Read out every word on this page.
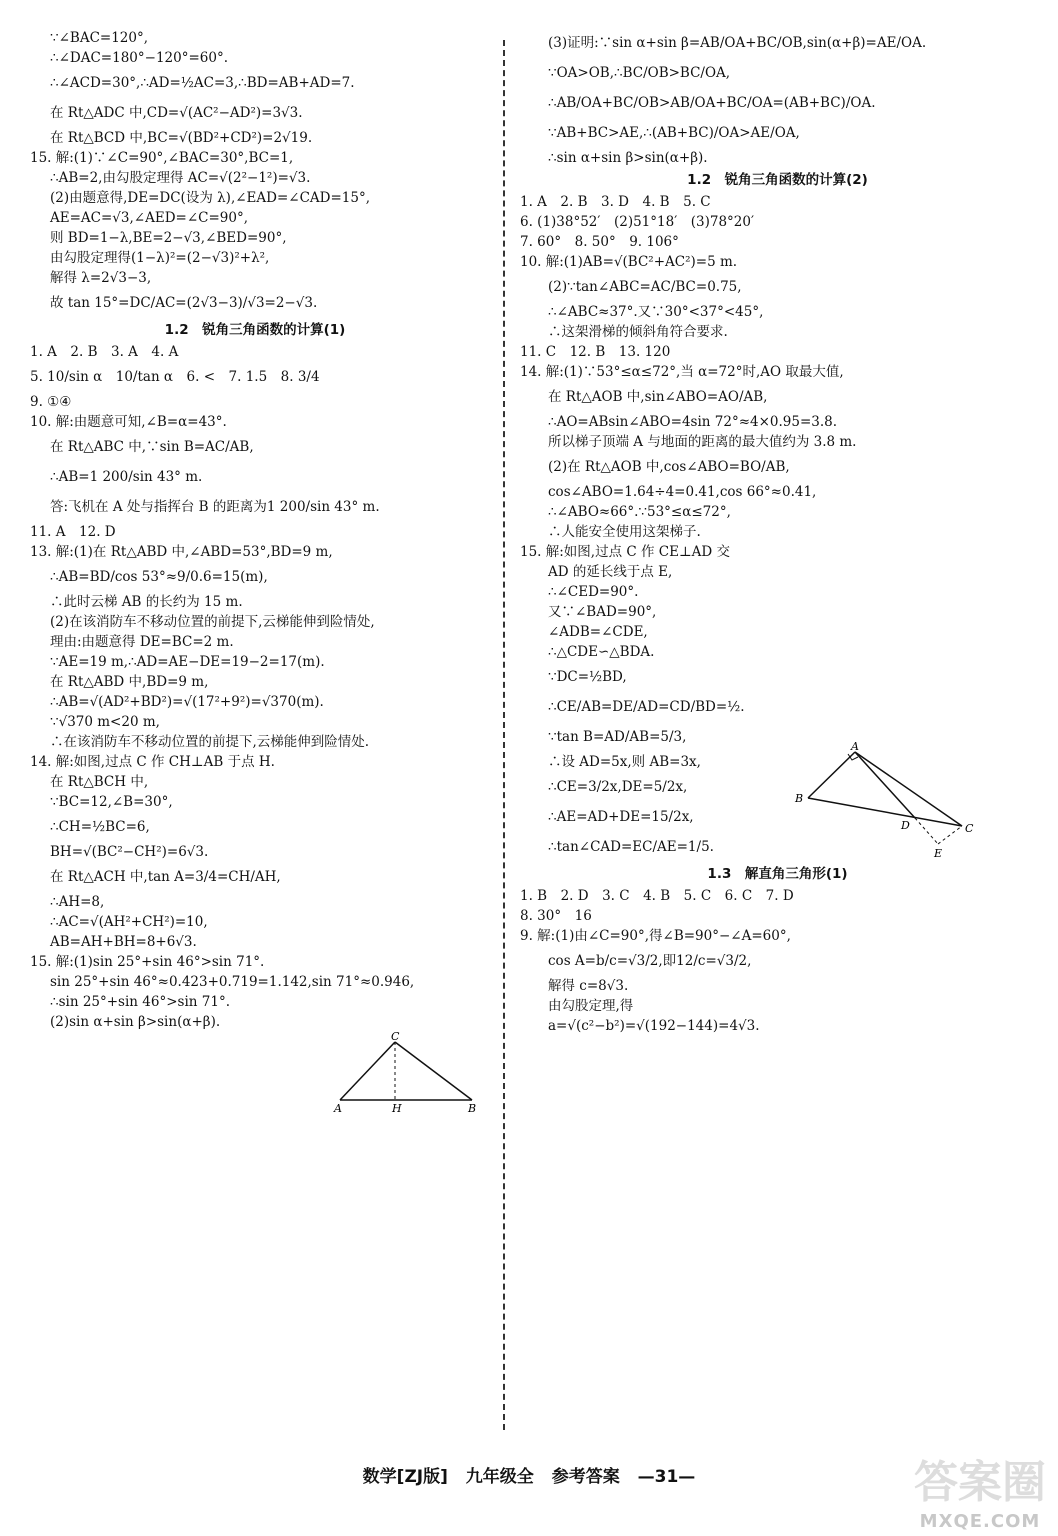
∵∠BAC=120°,
∴∠DAC=180°−120°=60°.
∴∠ACD=30°,∴AD=½AC=3,∴BD=AB+AD=7.
在 Rt△ADC 中,CD=√(AC²−AD²)=3√3.
在 Rt△BCD 中,BC=√(BD²+CD²)=2√19.
15. 解:(1)∵∠C=90°,∠BAC=30°,BC=1,
∴AB=2,由勾股定理得 AC=√(2²−1²)=√3.
(2)由题意得,DE=DC(设为 λ),∠EAD=∠CAD=15°,
AE=AC=√3,∠AED=∠C=90°,
则 BD=1−λ,BE=2−√3,∠BED=90°,
由勾股定理得(1−λ)²=(2−√3)²+λ²,
解得 λ=2√3−3,
故 tan 15°=DC/AC=(2√3−3)/√3=2−√3.
1.2　锐角三角函数的计算(1)
1. A　2. B　3. A　4. A
5. 10/sin α　10/tan α　6. <　7. 1.5　8. 3/4
9. ①④
10. 解:由题意可知,∠B=α=43°.
在 Rt△ABC 中,∵sin B=AC/AB,
∴AB=1 200/sin 43° m.
答:飞机在 A 处与指挥台 B 的距离为1 200/sin 43° m.
11. A　12. D
13. 解:(1)在 Rt△ABD 中,∠ABD=53°,BD=9 m,
∴AB=BD/cos 53°≈9/0.6=15(m),
∴此时云梯 AB 的长约为 15 m.
(2)在该消防车不移动位置的前提下,云梯能伸到险情处,
理由:由题意得 DE=BC=2 m.
∵AE=19 m,∴AD=AE−DE=19−2=17(m).
在 Rt△ABD 中,BD=9 m,
∴AB=√(AD²+BD²)=√(17²+9²)=√370(m).
∵√370 m<20 m,
∴在该消防车不移动位置的前提下,云梯能伸到险情处.
14. 解:如图,过点 C 作 CH⊥AB 于点 H.
在 Rt△BCH 中,
∵BC=12,∠B=30°,
∴CH=½BC=6,
BH=√(BC²−CH²)=6√3.
在 Rt△ACH 中,tan A=3/4=CH/AH,
∴AH=8,
∴AC=√(AH²+CH²)=10,
AB=AH+BH=8+6√3.
15. 解:(1)sin 25°+sin 46°>sin 71°.
sin 25°+sin 46°≈0.423+0.719=1.142,sin 71°≈0.946,
∴sin 25°+sin 46°>sin 71°.
(2)sin α+sin β>sin(α+β).
(3)证明:∵sin α+sin β=AB/OA+BC/OB,sin(α+β)=AE/OA.
∵OA>OB,∴BC/OB>BC/OA,
∴AB/OA+BC/OB>AB/OA+BC/OA=(AB+BC)/OA.
∵AB+BC>AE,∴(AB+BC)/OA>AE/OA,
∴sin α+sin β>sin(α+β).
1.2　锐角三角函数的计算(2)
1. A　2. B　3. D　4. B　5. C
6. (1)38°52′　(2)51°18′　(3)78°20′
7. 60°　8. 50°　9. 106°
10. 解:(1)AB=√(BC²+AC²)=5 m.
(2)∵tan∠ABC=AC/BC=0.75,
∴∠ABC≈37°.又∵30°<37°<45°,
∴这架滑梯的倾斜角符合要求.
11. C　12. B　13. 120
14. 解:(1)∵53°≤α≤72°,当 α=72°时,AO 取最大值,
在 Rt△AOB 中,sin∠ABO=AO/AB,
∴AO=ABsin∠ABO=4sin 72°≈4×0.95=3.8.
所以梯子顶端 A 与地面的距离的最大值约为 3.8 m.
(2)在 Rt△AOB 中,cos∠ABO=BO/AB,
cos∠ABO=1.64÷4=0.41,cos 66°≈0.41,
∴∠ABO≈66°.∵53°≤α≤72°,
∴人能安全使用这架梯子.
15. 解:如图,过点 C 作 CE⊥AD 交
AD 的延长线于点 E,
∴∠CED=90°.
又∵∠BAD=90°,
∠ADB=∠CDE,
∴△CDE∽△BDA.
∵DC=½BD,
∴CE/AB=DE/AD=CD/BD=½.
∵tan B=AD/AB=5/3,
∴设 AD=5x,则 AB=3x,
∴CE=3/2x,DE=5/2x,
∴AE=AD+DE=15/2x,
∴tan∠CAD=EC/AE=1/5.
1.3　解直角三角形(1)
1. B　2. D　3. C　4. B　5. C　6. C　7. D
8. 30°　16
9. 解:(1)由∠C=90°,得∠B=90°−∠A=60°,
cos A=b/c=√3/2,即12/c=√3/2,
解得 c=8√3.
由勾股定理,得
a=√(c²−b²)=√(192−144)=4√3.
C
A	H	B
A
B
D	C
E
数学[ZJ版] 九年级全 参考答案 —31—	答案圈
MXQE.COM
